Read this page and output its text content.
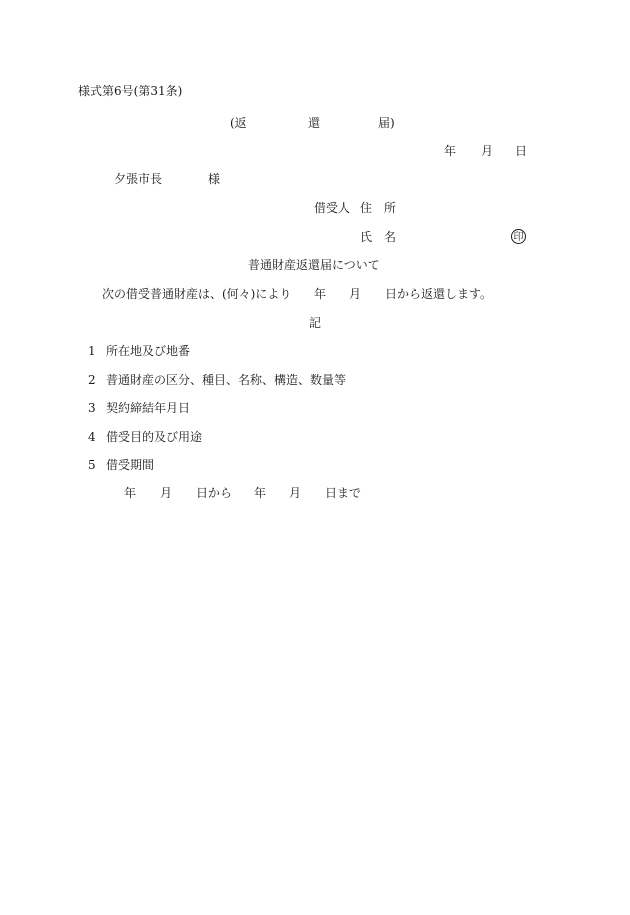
様式第6号(第31条)
(返	還	届)
年 月 日
夕張市長	様
借受人 住　所
氏　名	印
普通財産返還届について
次の借受普通財産は、(何々)により 年 月 日から返還します。
記
1 所在地及び地番
2 普通財産の区分、種目、名称、構造、数量等
3 契約締結年月日
4 借受目的及び用途
5 借受期間
年 月 日から 年 月 日まで
